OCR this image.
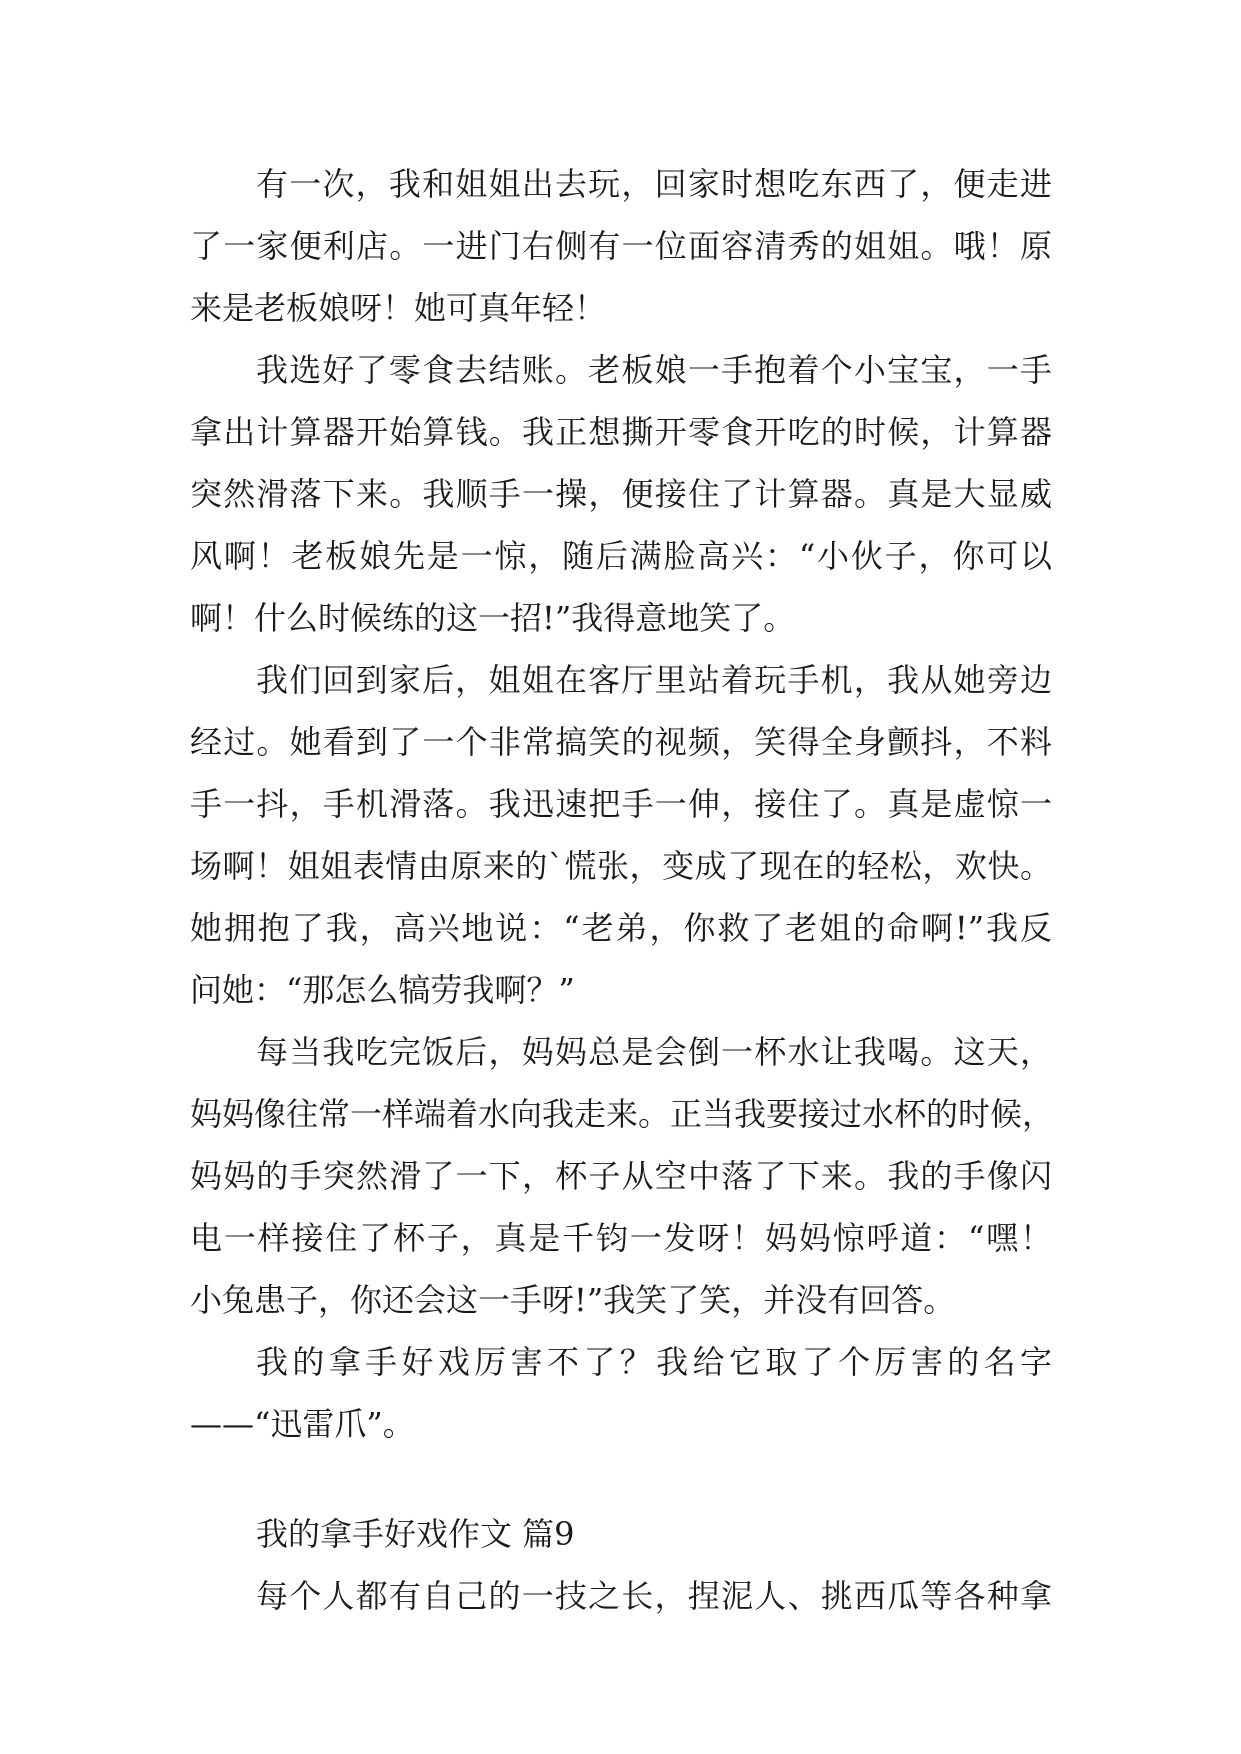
有一次，我和姐姐出去玩，回家时想吃东西了，便走进
了一家便利店。一进门右侧有一位面容清秀的姐姐。哦！原
来是老板娘呀！她可真年轻！
我选好了零食去结账。老板娘一手抱着个小宝宝，一手
拿出计算器开始算钱。我正想撕开零食开吃的时候，计算器
突然滑落下来。我顺手一操，便接住了计算器。真是大显威
风啊！老板娘先是一惊，随后满脸高兴：“小伙子，你可以
啊！什么时候练的这一招!”我得意地笑了。
我们回到家后，姐姐在客厅里站着玩手机，我从她旁边
经过。她看到了一个非常搞笑的视频，笑得全身颤抖，不料
手一抖，手机滑落。我迅速把手一伸，接住了。真是虚惊一
场啊！姐姐表情由原来的`慌张，变成了现在的轻松，欢快。
她拥抱了我，高兴地说：“老弟，你救了老姐的命啊!”我反
问她：“那怎么犒劳我啊？”
每当我吃完饭后，妈妈总是会倒一杯水让我喝。这天，
妈妈像往常一样端着水向我走来。正当我要接过水杯的时候，
妈妈的手突然滑了一下，杯子从空中落了下来。我的手像闪
电一样接住了杯子，真是千钧一发呀！妈妈惊呼道：“嘿！
小兔患子，你还会这一手呀!”我笑了笑，并没有回答。
我的拿手好戏厉害不了？我给它取了个厉害的名字
——“迅雷爪”。
我的拿手好戏作文 篇9
每个人都有自己的一技之长，捏泥人、挑西瓜等各种拿
